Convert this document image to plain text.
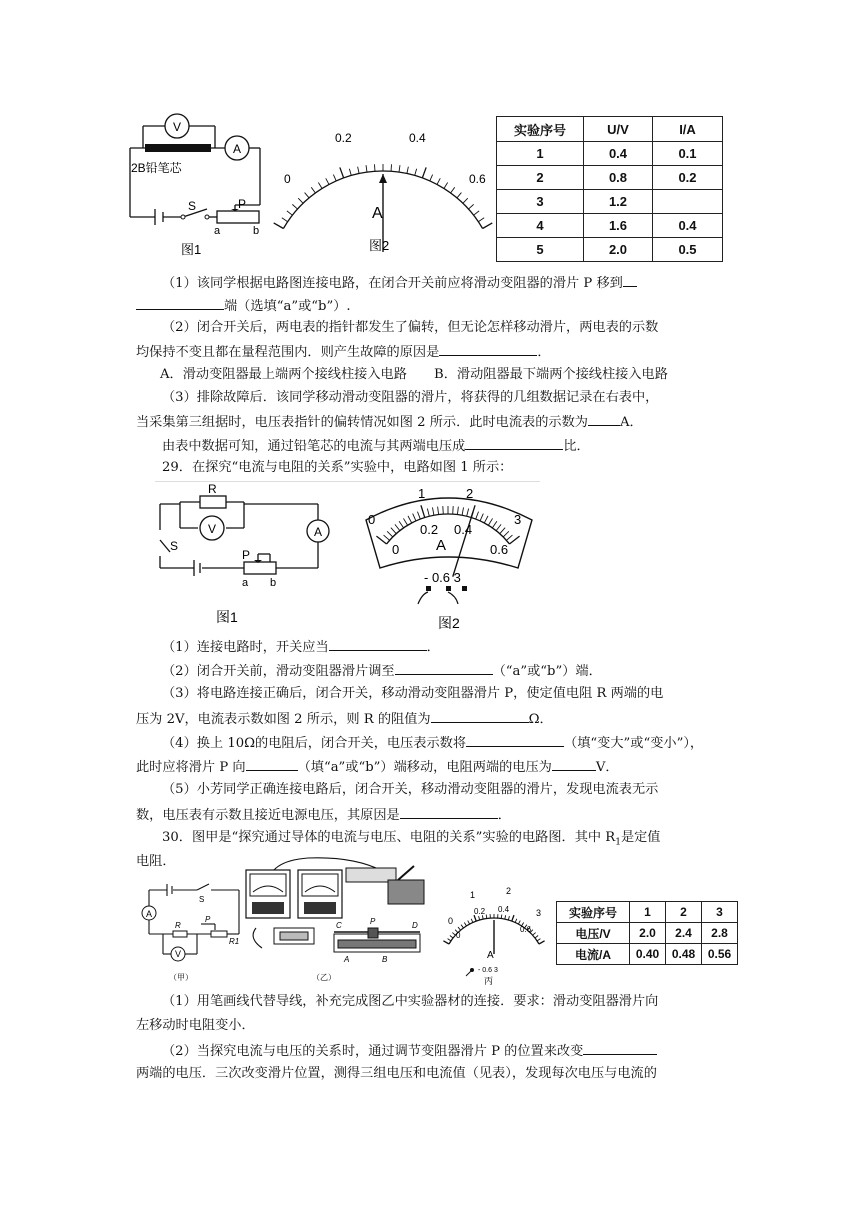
V
A
2B铅笔芯
S	P
a	b
图1
0
0.2	0.4
0.6
A
图2
实验序号	U/V	I/A
1	0.4	0.1
2	0.8	0.2
3	1.2	
4	1.6	0.4
5	2.0	0.5
（1）该同学根据电路图连接电路，在闭合开关前应将滑动变阻器的滑片 P 移到
端（选填“a”或“b”）.
（2）闭合开关后，两电表的指针都发生了偏转，但无论怎样移动滑片，两电表的示数
均保持不变且都在量程范围内．则产生故障的原因是	．
A．滑动变阻器最上端两个接线柱接入电路 B．滑动阻器最下端两个接线柱接入电路
（3）排除故障后．该同学移动滑动变阻器的滑片，将获得的几组数据记录在右表中，
当采集第三组据时，电压表指针的偏转情况如图 2 所示．此时电流表的示数为 A．
由表中数据可知，通过铅笔芯的电流与其两端电压成	比．
29．在探究“电流与电阻的关系”实验中，电路如图 1 所示：
R
V	A
S
P
a b
图1
0
1	2
3
0
0.2 0.4
0.6
A
- 0.6 3
图2
（1）连接电路时，开关应当	．
（2）闭合开关前，滑动变阻器滑片调至	（“a”或“b”）端．
（3）将电路连接正确后，闭合开关，移动滑动变阻器滑片 P，使定值电阻 R 两端的电
压为 2V，电流表示数如图 2 所示，则 R 的阻值为	Ω．
（4）换上 10Ω的电阻后，闭合开关，电压表示数将	（填“变大”或“变小”），
此时应将滑片 P 向	（填“a”或“b”）端移动，电阻两端的电压为	V．
（5）小芳同学正确连接电路后，闭合开关，移动滑动变阻器的滑片，发现电流表无示
数，电压表有示数且接近电源电压，其原因是	．
30．图甲是“探究通过导体的电流与电压、电阻的关系”实验的电路图．其中 $R_1$是定值
电阻．
A
V
S
R
P
R1
（甲）
C	P	D
A	B
（乙）
0
1	2
3
0
0.2 0.4
0.6
A
- 0.6 3
丙
实验序号	1	2	3
电压/V	2.0	2.4	2.8
电流/A	0.40	0.48	0.56
（1）用笔画线代替导线，补充完成图乙中实验器材的连接．要求：滑动变阻器滑片向
左移动时电阻变小．
（2）当探究电流与电压的关系时，通过调节变阻器滑片 P 的位置来改变
两端的电压．三次改变滑片位置，测得三组电压和电流值（见表），发现每次电压与电流的
